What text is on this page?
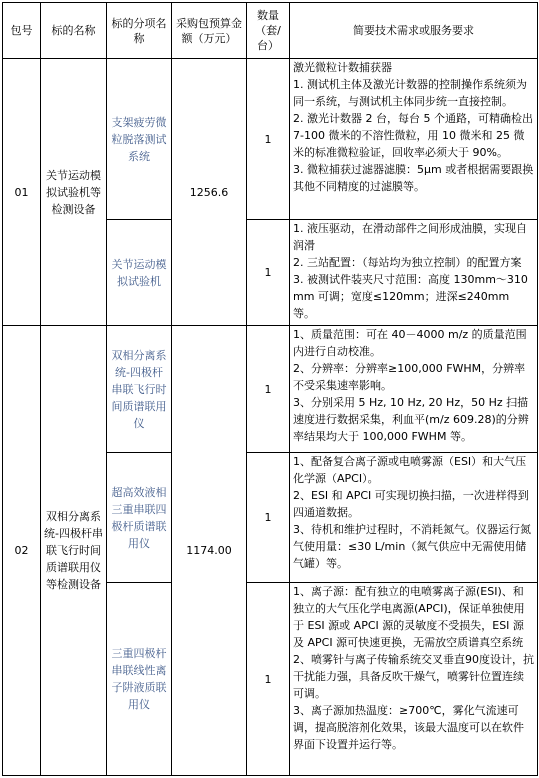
包号	标的名称	标的分项名称	采购包预算金额（万元）	数量（套/台）	简要技术需求或服务要求
01	关节运动模拟试验机等检测设备	支架疲劳微粒脱落测试系统	1256.6	1	激光微粒计数捕获器
1. 测试机主体及激光计数器的控制操作系统须为同一系统，与测试机主体同步统一直接控制。
2. 激光计数器 2 台，每台 5 个通路，可精确检出 7-100 微米的不溶性微粒，用 10 微米和 25 微米的标准微粒验证，回收率必须大于 90%。
3. 微粒捕获过滤器滤膜：5μm 或者根据需要跟换其他不同精度的过滤膜等。

		关节运动模拟试验机		1	1. 液压驱动，在滑动部件之间形成油膜，实现自润滑
2. 三站配置：（每站均为独立控制）的配置方案
3. 被测试件装夹尺寸范围：高度 130mm～310mm 可调；宽度≤120mm；进深≤240mm 等。

02	双相分离系统-四极杆串联飞行时间质谱联用仪等检测设备	双相分离系统-四极杆串联飞行时间质谱联用仪	1174.00	1	1、质量范围：可在 40－4000 m/z 的质量范围内进行自动校准。
2、分辨率：分辨率≥100,000 FWHM，分辨率不受采集速率影响。
3、分别采用 5 Hz, 10 Hz, 20 Hz，50 Hz 扫描速度进行数据采集，利血平(m/z 609.28)的分辨率结果均大于 100,000 FWHM 等。

		超高效液相三重串联四极杆质谱联用仪		1	1、配备复合离子源或电喷雾源（ESI）和大气压化学源（APCI）。
2、ESI 和 APCI 可实现切换扫描，一次进样得到四通道数据。
3、待机和维护过程时，不消耗氮气。仪器运行氮气使用量：≤30 L/min（氮气供应中无需使用储气罐）等。

		三重四极杆串联线性离子阱液质联用仪		1	1、离子源：配有独立的电喷雾离子源(ESI)、和独立的大气压化学电离源(APCI)，保证单独使用于 ESI 源或 APCI 源的灵敏度不受损失，ESI 源及 APCI 源可快速更换，无需放空质谱真空系统
2、喷雾针与离子传输系统交叉垂直90度设计，抗干扰能力强，具备反吹干燥气，喷雾针位置连续可调。
3、离子源加热温度：≥700℃，雾化气流速可调，提高脱溶剂化效果，该最大温度可以在软件界面下设置并运行等。
